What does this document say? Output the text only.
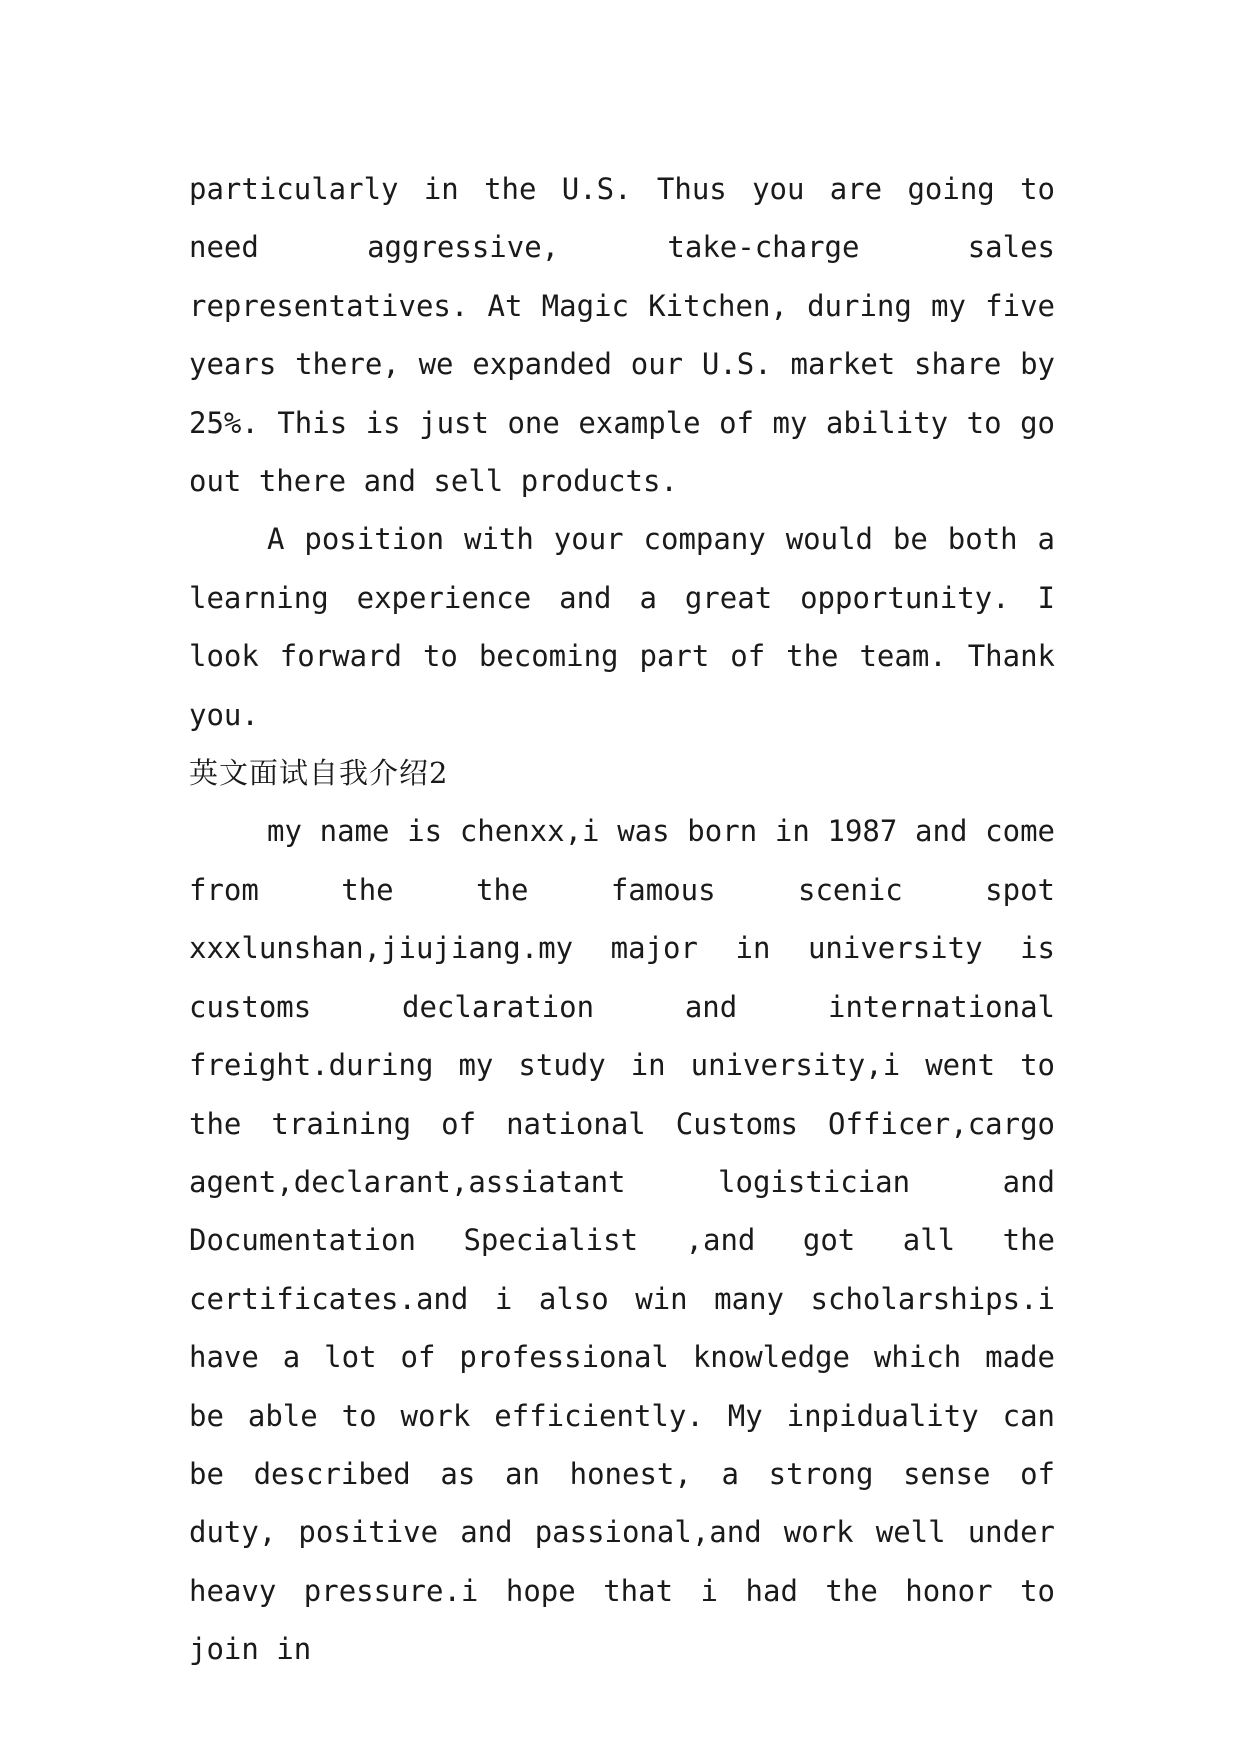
particularly in the U.S. Thus you are going to need aggressive, take-charge sales representatives. At Magic Kitchen, during my five years there, we expanded our U.S. market share by 25%. This is just one example of my ability to go out there and sell products.

A position with your company would be both a learning experience and a great opportunity. I look forward to becoming part of the team. Thank you.

英文面试自我介绍2

my name is chenxx,i was born in 1987 and come from the the famous scenic spot xxxlunshan,jiujiang.my major in university is customs declaration and international freight.during my study in university,i went to the training of national Customs Officer,cargo agent,declarant,assiatant logistician and Documentation Specialist ,and got all the certificates.and i also win many scholarships.i have a lot of professional knowledge which made be able to work efficiently. My inpiduality can be described as an honest, a strong sense of duty, positive and passional,and work well under heavy pressure.i hope that i had the honor to join in
